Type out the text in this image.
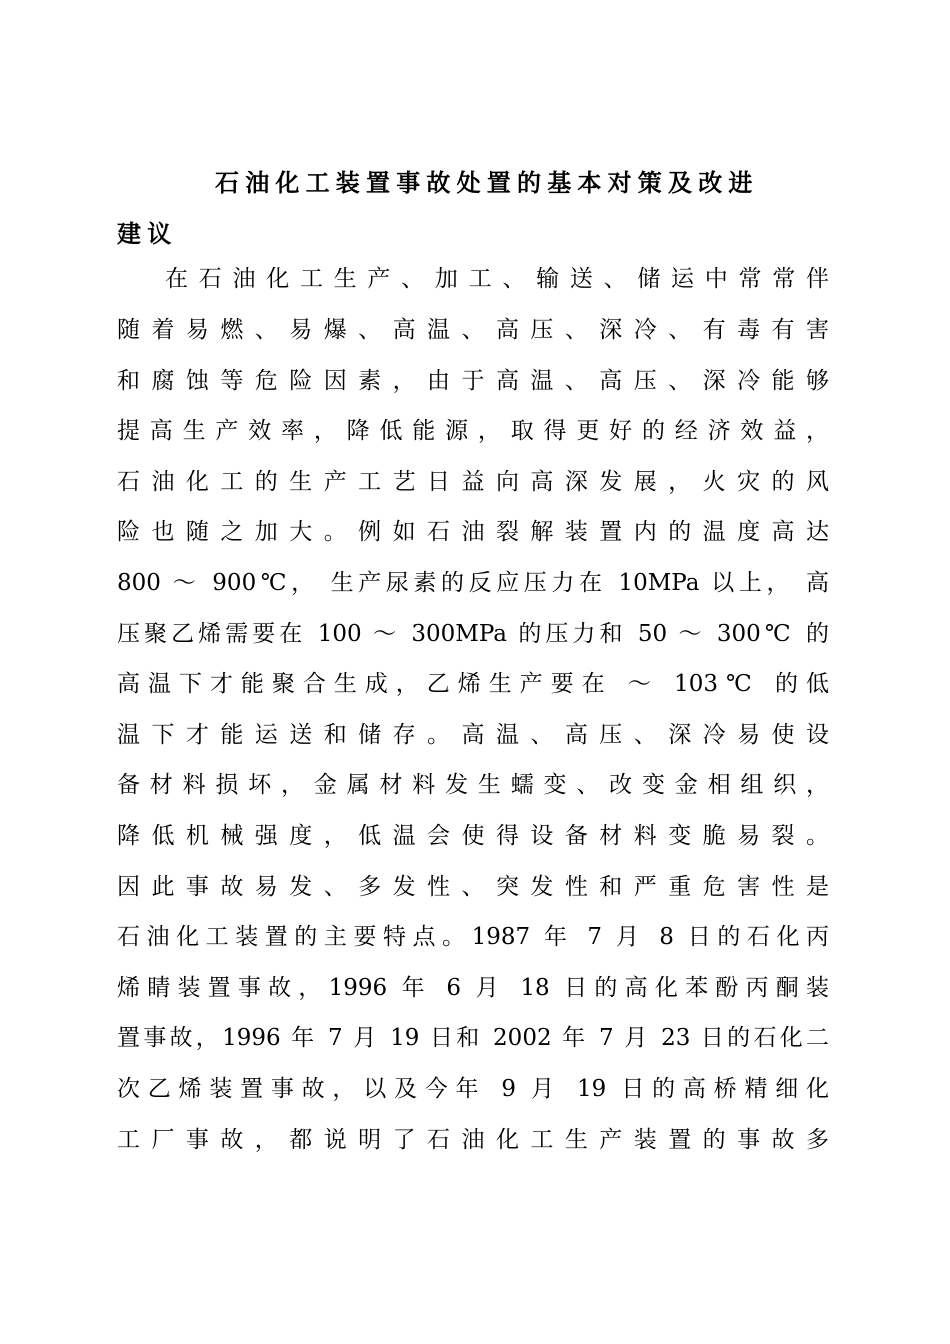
石油化工装置事故处置的基本对策及改进
建议
在石油化工生产、加工、输送、储运中常常伴
随着易燃、易爆、高温、高压、深冷、有毒有害
和腐蚀等危险因素，由于高温、高压、深冷能够
提高生产效率，降低能源，取得更好的经济效益，
石油化工的生产工艺日益向高深发展，火灾的风
险也随之加大。例如石油裂解装置内的温度高达
800 ～ 900℃， 生产尿素的反应压力在 10MPa 以上， 高
压聚乙烯需要在 100 ～ 300MPa 的压力和 50 ～ 300℃ 的
高温下才能聚合生成，乙烯生产要在 ～ 103℃ 的低
温下才能运送和储存。高温、高压、深冷易使设
备材料损坏，金属材料发生蠕变、改变金相组织，
降低机械强度，低温会使得设备材料变脆易裂。
因此事故易发、多发性、突发性和严重危害性是
石油化工装置的主要特点。1987 年 7 月 8 日的石化丙
烯睛装置事故，1996 年 6 月 18 日的高化苯酚丙酮装
置事故，1996 年 7 月 19 日和 2002 年 7 月 23 日的石化二
次乙烯装置事故，以及今年 9 月 19 日的高桥精细化
工厂事故，都说明了石油化工生产装置的事故多
